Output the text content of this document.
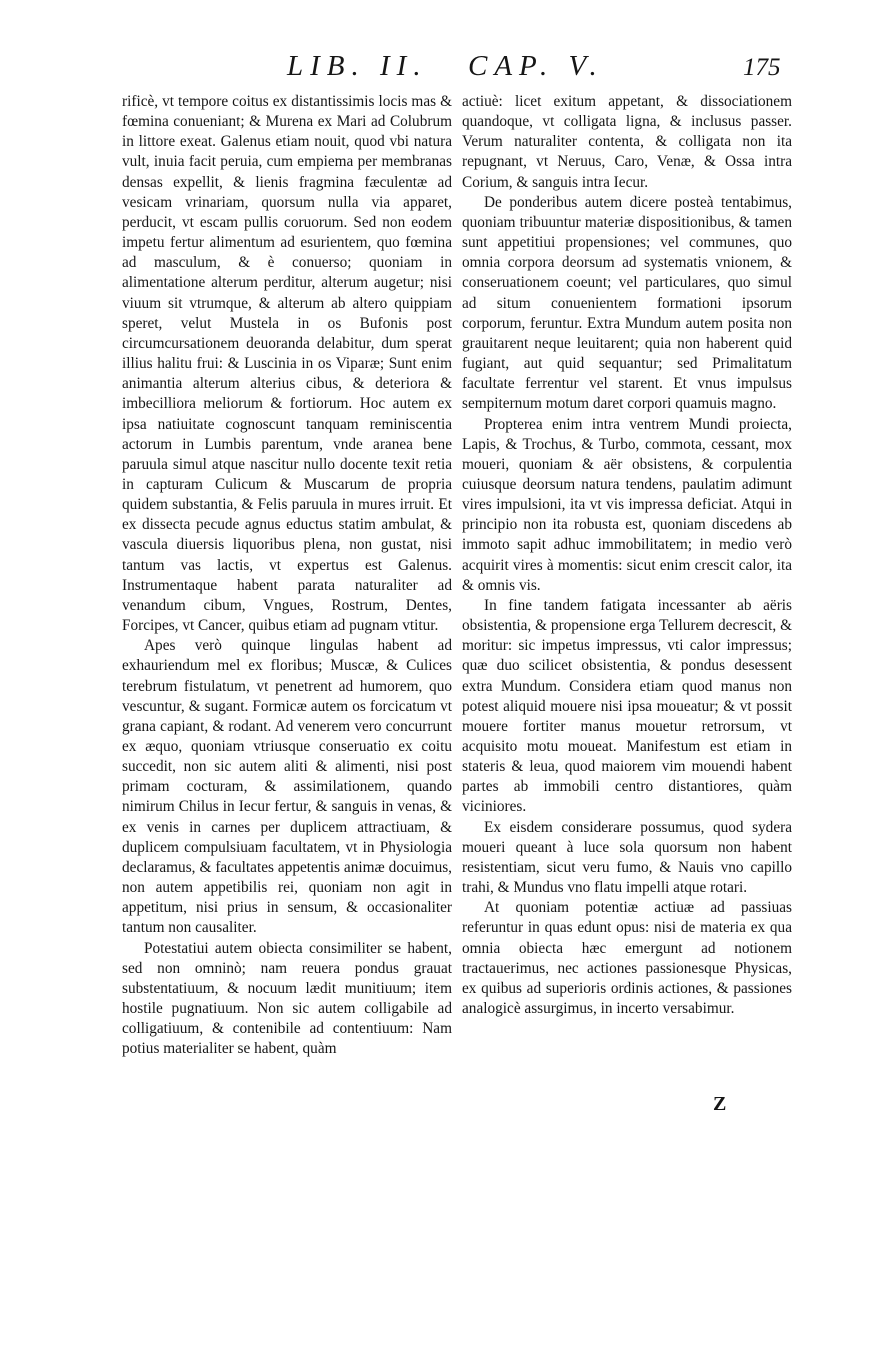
LIB. II. CAP. V.	175

rificè, vt tempore coitus ex distantissimis locis mas & fœmina conueniant; & Murena ex Mari ad Colubrum in littore exeat. Galenus etiam nouit, quod vbi natura vult, inuia facit peruia, cum empiema per membranas densas expellit, & lienis fragmina fæculentæ ad vesicam vrinariam, quorsum nulla via apparet, perducit, vt escam pullis coruorum. Sed non eodem impetu fertur alimentum ad esurientem, quo fœmina ad masculum, & è conuerso; quoniam in alimentatione alterum perditur, alterum augetur; nisi viuum sit vtrumque, & alterum ab altero quippiam speret, velut Mustela in os Bufonis post circumcursationem deuoranda delabitur, dum sperat illius halitu frui: & Luscinia in os Viparæ; Sunt enim animantia alterum alterius cibus, & deteriora & imbecilliora meliorum & fortiorum. Hoc autem ex ipsa natiuitate cognoscunt tanquam reminiscentia actorum in Lumbis parentum, vnde aranea bene paruula simul atque nascitur nullo docente texit retia in capturam Culicum & Muscarum de propria quidem substantia, & Felis paruula in mures irruit. Et ex dissecta pecude agnus eductus statim ambulat, & vascula diuersis liquoribus plena, non gustat, nisi tantum vas lactis, vt expertus est Galenus. Instrumentaque habent parata naturaliter ad venandum cibum, Vngues, Rostrum, Dentes, Forcipes, vt Cancer, quibus etiam ad pugnam vtitur.

Apes verò quinque lingulas habent ad exhauriendum mel ex floribus; Muscæ, & Culices terebrum fistulatum, vt penetrent ad humorem, quo vescuntur, & sugant. Formicæ autem os forcicatum vt grana capiant, & rodant. Ad venerem vero concurrunt ex æquo, quoniam vtriusque conseruatio ex coitu succedit, non sic autem aliti & alimenti, nisi post primam cocturam, & assimilationem, quando nimirum Chilus in Iecur fertur, & sanguis in venas, & ex venis in carnes per duplicem attractiuam, & duplicem compulsiuam facultatem, vt in Physiologia declaramus, & facultates appetentis animæ docuimus, non autem appetibilis rei, quoniam non agit in appetitum, nisi prius in sensum, & occasionaliter tantum non causaliter.

Potestatiui autem obiecta consimiliter se habent, sed non omninò; nam reuera pondus grauat substentatiuum, & nocuum lædit munitiuum; item hostile pugnatiuum. Non sic autem colligabile ad colligatiuum, & contenibile ad contentiuum: Nam potius materialiter se habent, quàm

actiuè: licet exitum appetant, & dissociationem quandoque, vt colligata ligna, & inclusus passer. Verum naturaliter contenta, & colligata non ita repugnant, vt Neruus, Caro, Venæ, & Ossa intra Corium, & sanguis intra Iecur.

De ponderibus autem dicere posteà tentabimus, quoniam tribuuntur materiæ dispositionibus, & tamen sunt appetitiui propensiones; vel communes, quo omnia corpora deorsum ad systematis vnionem, & conseruationem coeunt; vel particulares, quo simul ad situm conuenientem formationi ipsorum corporum, feruntur. Extra Mundum autem posita non grauitarent neque leuitarent; quia non haberent quid fugiant, aut quid sequantur; sed Primalitatum facultate ferrentur vel starent. Et vnus impulsus sempiternum motum daret corpori quamuis magno.

Propterea enim intra ventrem Mundi proiecta, Lapis, & Trochus, & Turbo, commota, cessant, mox moueri, quoniam & aër obsistens, & corpulentia cuiusque deorsum natura tendens, paulatim adimunt vires impulsioni, ita vt vis impressa deficiat. Atqui in principio non ita robusta est, quoniam discedens ab immoto sapit adhuc immobilitatem; in medio verò acquirit vires à momentis: sicut enim crescit calor, ita & omnis vis.

In fine tandem fatigata incessanter ab aëris obsistentia, & propensione erga Tellurem decrescit, & moritur: sic impetus impressus, vti calor impressus; quæ duo scilicet obsistentia, & pondus desessent extra Mundum. Considera etiam quod manus non potest aliquid mouere nisi ipsa moueatur; & vt possit mouere fortiter manus mouetur retrorsum, vt acquisito motu moueat. Manifestum est etiam in stateris & leua, quod maiorem vim mouendi habent partes ab immobili centro distantiores, quàm viciniores.

Ex eisdem considerare possumus, quod sydera moueri queant à luce sola quorsum non habent resistentiam, sicut veru fumo, & Nauis vno capillo trahi, & Mundus vno flatu impelli atque rotari.

At quoniam potentiæ actiuæ ad passiuas referuntur in quas edunt opus: nisi de materia ex qua omnia obiecta hæc emergunt ad notionem tractauerimus, nec actiones passionesque Physicas, ex quibus ad superioris ordinis actiones, & passiones analogicè assurgimus, in incerto versabimur.

Z
